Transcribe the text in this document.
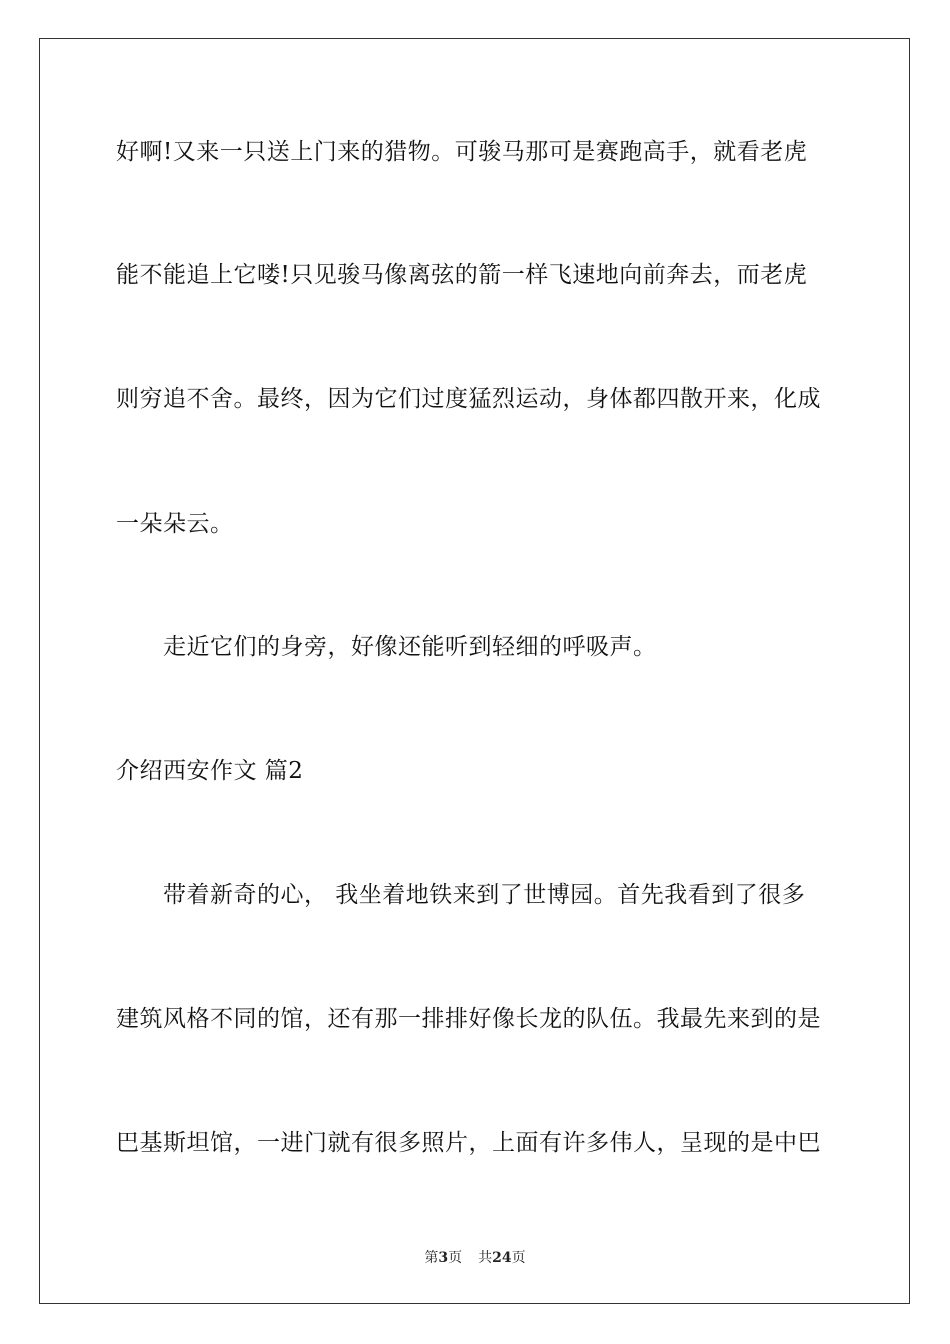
好啊!又来一只送上门来的猎物。可骏马那可是赛跑高手，就看老虎
能不能追上它喽!只见骏马像离弦的箭一样飞速地向前奔去，而老虎
则穷追不舍。最终，因为它们过度猛烈运动，身体都四散开来，化成
一朵朵云。
走近它们的身旁，好像还能听到轻细的呼吸声。
介绍西安作文 篇2
带着新奇的心， 我坐着地铁来到了世博园。首先我看到了很多
建筑风格不同的馆，还有那一排排好像长龙的队伍。我最先来到的是
巴基斯坦馆，一进门就有很多照片，上面有许多伟人，呈现的是中巴
第3页 共24页
